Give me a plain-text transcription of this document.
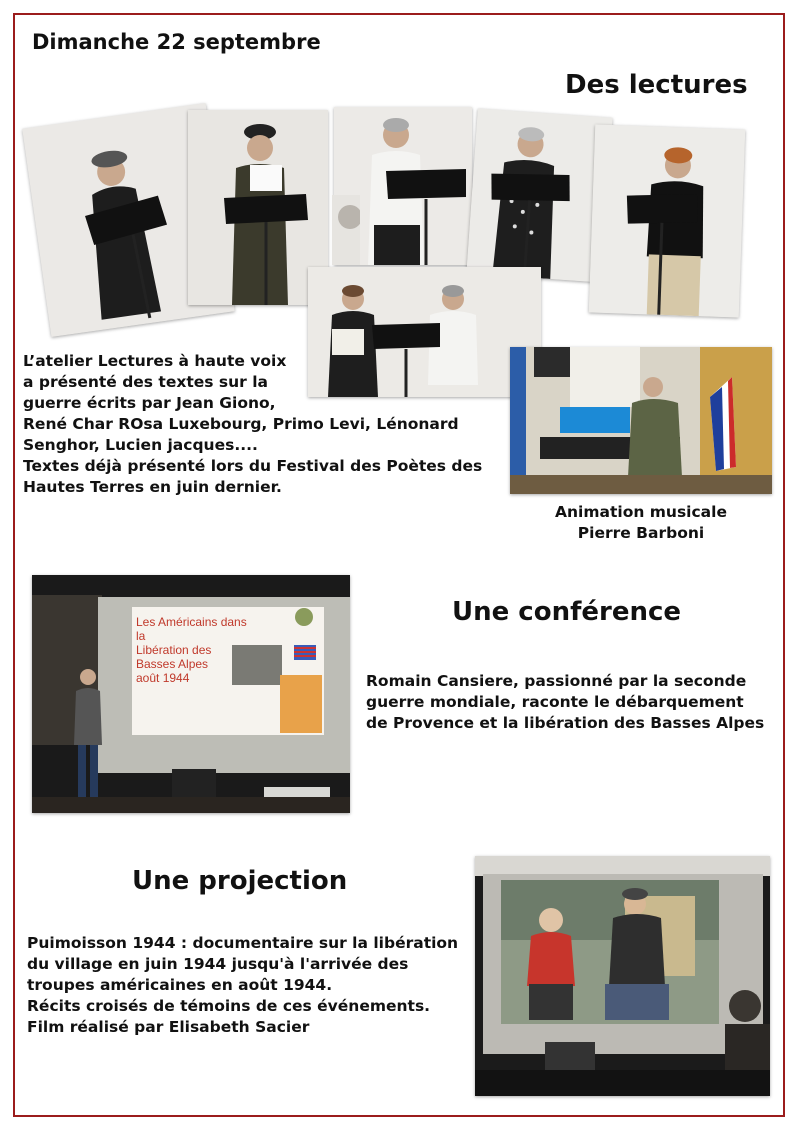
Dimanche 22 septembre
Des lectures
L’atelier Lectures à haute voix
a présenté des textes sur la
guerre écrits par Jean Giono,
René Char ROsa Luxebourg, Primo Levi, Lénonard
Senghor, Lucien jacques....
Textes déjà présenté lors du Festival des Poètes des
Hautes Terres en juin dernier.
Animation musicale
Pierre Barboni
Les Américains dans la
Libération des
Basses Alpes
août 1944
Une conférence
Romain Cansiere, passionné par la seconde
guerre mondiale, raconte le débarquement
de Provence et la libération des Basses Alpes
Une projection
Puimoisson 1944 : documentaire sur la libération
du village en juin 1944 jusqu'à l'arrivée des
troupes américaines en août 1944.
Récits croisés de témoins de ces événements.
Film réalisé par Elisabeth Sacier
